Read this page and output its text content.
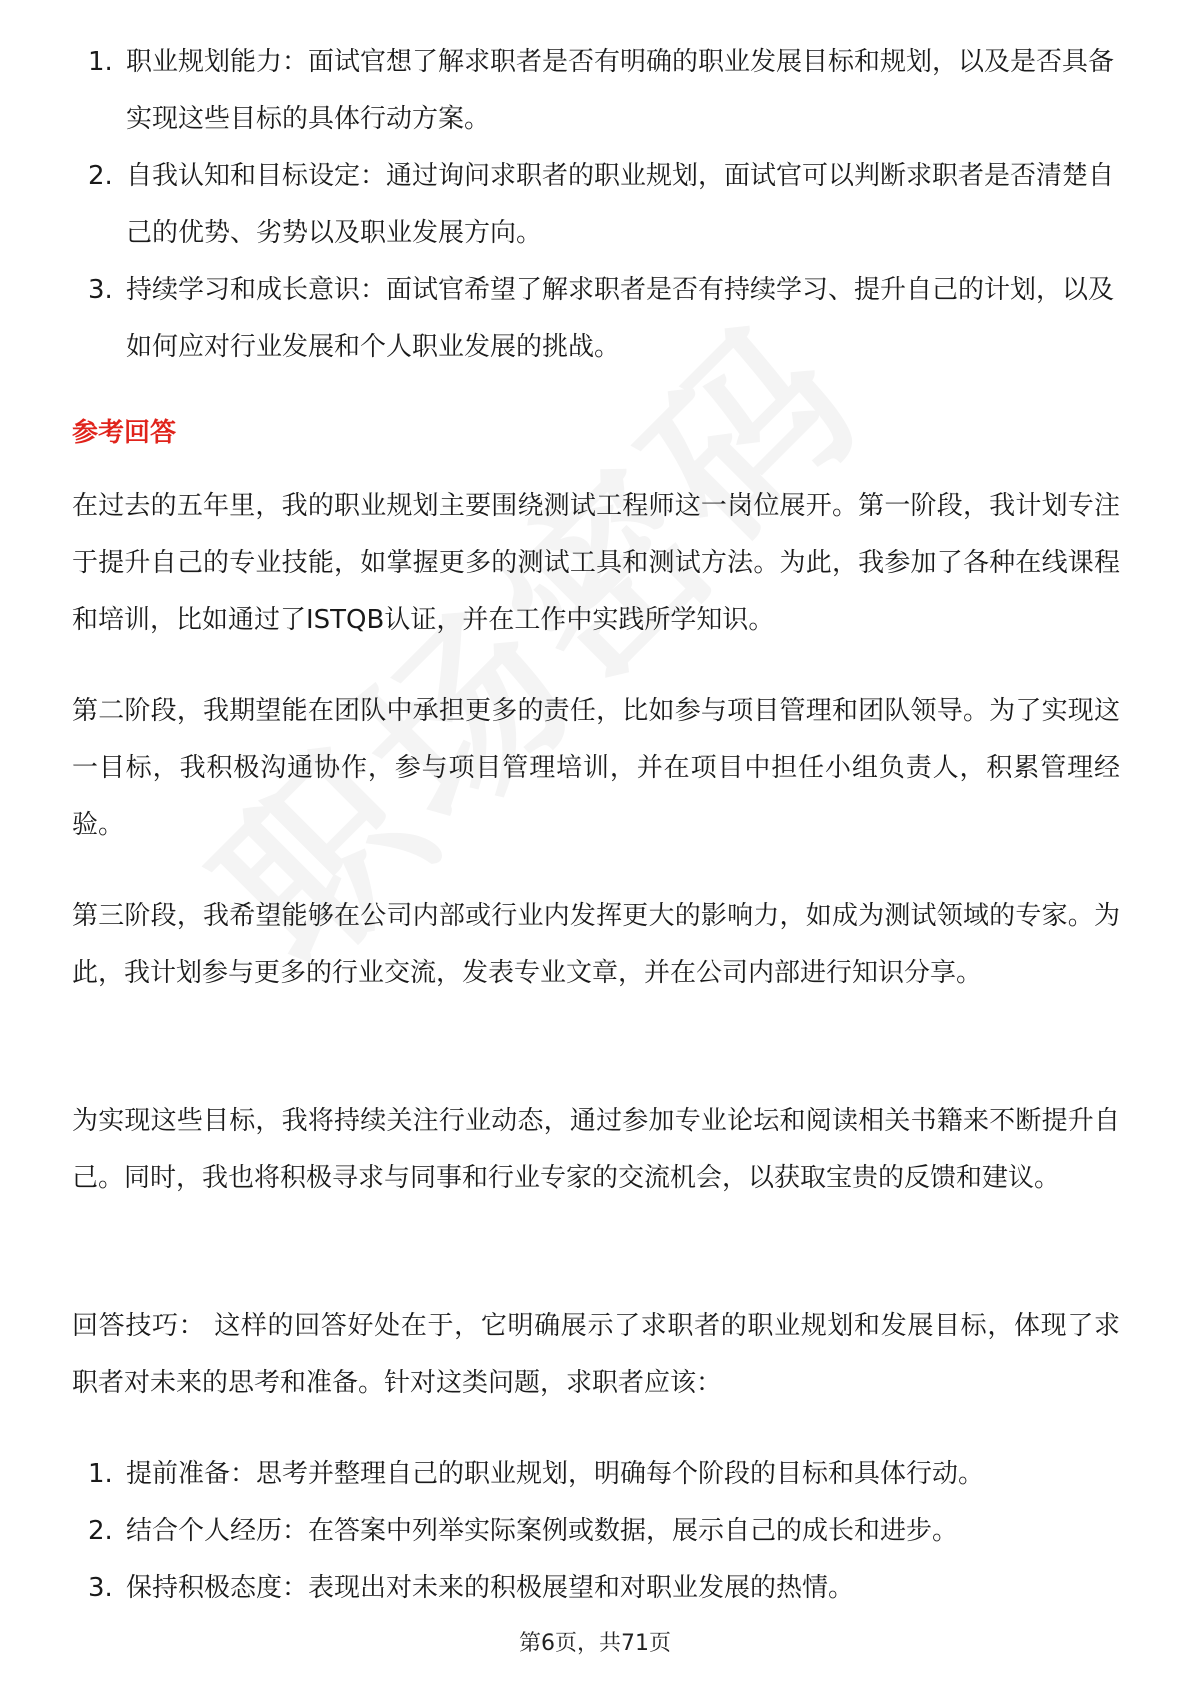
1. 职业规划能力：面试官想了解求职者是否有明确的职业发展目标和规划，以及是否具备实现这些目标的具体行动方案。
2. 自我认知和目标设定：通过询问求职者的职业规划，面试官可以判断求职者是否清楚自己的优势、劣势以及职业发展方向。
3. 持续学习和成长意识：面试官希望了解求职者是否有持续学习、提升自己的计划，以及如何应对行业发展和个人职业发展的挑战。
参考回答

在过去的五年里，我的职业规划主要围绕测试工程师这一岗位展开。第一阶段，我计划专注于提升自己的专业技能，如掌握更多的测试工具和测试方法。为此，我参加了各种在线课程和培训，比如通过了ISTQB认证，并在工作中实践所学知识。

第二阶段，我期望能在团队中承担更多的责任，比如参与项目管理和团队领导。为了实现这一目标，我积极沟通协作，参与项目管理培训，并在项目中担任小组负责人，积累管理经验。

第三阶段，我希望能够在公司内部或行业内发挥更大的影响力，如成为测试领域的专家。为此，我计划参与更多的行业交流，发表专业文章，并在公司内部进行知识分享。

为实现这些目标，我将持续关注行业动态，通过参加专业论坛和阅读相关书籍来不断提升自己。同时，我也将积极寻求与同事和行业专家的交流机会，以获取宝贵的反馈和建议。

回答技巧： 这样的回答好处在于，它明确展示了求职者的职业规划和发展目标，体现了求职者对未来的思考和准备。针对这类问题，求职者应该：

1. 提前准备：思考并整理自己的职业规划，明确每个阶段的目标和具体行动。
2. 结合个人经历：在答案中列举实际案例或数据，展示自己的成长和进步。
3. 保持积极态度：表现出对未来的积极展望和对职业发展的热情。
第6页，共71页
